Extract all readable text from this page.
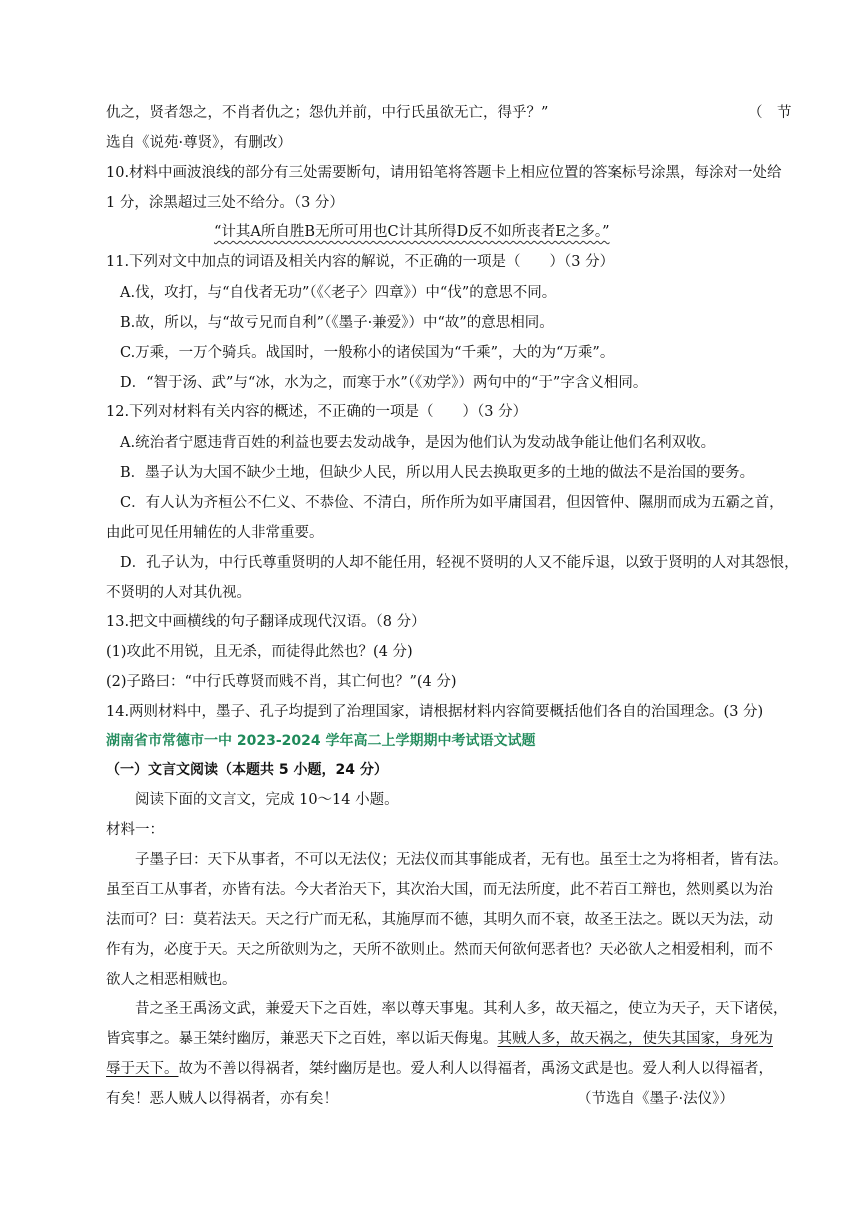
仇之，贤者怨之，不肖者仇之；怨仇并前，中行氏虽欲无亡，得乎？”	（　节
选自《说苑·尊贤》，有删改）
10.材料中画波浪线的部分有三处需要断句，请用铅笔将答题卡上相应位置的答案标号涂黑，每涂对一处给
1 分，涂黑超过三处不给分。（3 分）
“计其A所自胜B无所可用也C计其所得D反不如所丧者E之多。”
11.下列对文中加点的词语及相关内容的解说，不正确的一项是（　　）（3 分）
A.伐，攻打，与“自伐者无功”（《〈老子〉四章》）中“伐”的意思不同。
B.故，所以，与“故亏兄而自利”（《墨子·兼爱》）中“故”的意思相同。
C.万乘，一万个骑兵。战国时，一般称小的诸侯国为“千乘”，大的为“万乘”。
D．“智于汤、武”与“冰，水为之，而寒于水”（《劝学》）两句中的“于”字含义相同。
12.下列对材料有关内容的概述，不正确的一项是（　　）（3 分）
A.统治者宁愿违背百姓的利益也要去发动战争，是因为他们认为发动战争能让他们名利双收。
B．墨子认为大国不缺少土地，但缺少人民，所以用人民去换取更多的土地的做法不是治国的要务。
C．有人认为齐桓公不仁义、不恭俭、不清白，所作所为如平庸国君，但因管仲、隰朋而成为五霸之首，
由此可见任用辅佐的人非常重要。
D．孔子认为，中行氏尊重贤明的人却不能任用，轻视不贤明的人又不能斥退，以致于贤明的人对其怨恨，
不贤明的人对其仇视。
13.把文中画横线的句子翻译成现代汉语。（8 分）
(1)攻此不用锐，且无杀，而徒得此然也？(4 分)
(2)子路曰：“中行氏尊贤而贱不肖，其亡何也？”(4 分)
14.两则材料中，墨子、孔子均提到了治理国家，请根据材料内容简要概括他们各自的治国理念。(3 分)
湖南省市常德市一中 2023-2024 学年高二上学期期中考试语文试题
（一）文言文阅读（本题共 5 小题，24 分）
阅读下面的文言文，完成 10～14 小题。
材料一：
子墨子曰：天下从事者，不可以无法仪；无法仪而其事能成者，无有也。虽至士之为将相者，皆有法。
虽至百工从事者，亦皆有法。今大者治天下，其次治大国，而无法所度，此不若百工辩也，然则奚以为治
法而可？曰：莫若法天。天之行广而无私，其施厚而不德，其明久而不衰，故圣王法之。既以天为法，动
作有为，必度于天。天之所欲则为之，天所不欲则止。然而天何欲何恶者也？天必欲人之相爱相利，而不
欲人之相恶相贼也。
昔之圣王禹汤文武，兼爱天下之百姓，率以尊天事鬼。其利人多，故天福之，使立为天子，天下诸侯，
皆宾事之。暴王桀纣幽厉，兼恶天下之百姓，率以诟天侮鬼。其贼人多，故天祸之，使失其国家，身死为
辱于天下。故为不善以得祸者，桀纣幽厉是也。爱人利人以得福者，禹汤文武是也。爱人利人以得福者，
有矣！恶人贼人以得祸者，亦有矣！	（节选自《墨子·法仪》）
